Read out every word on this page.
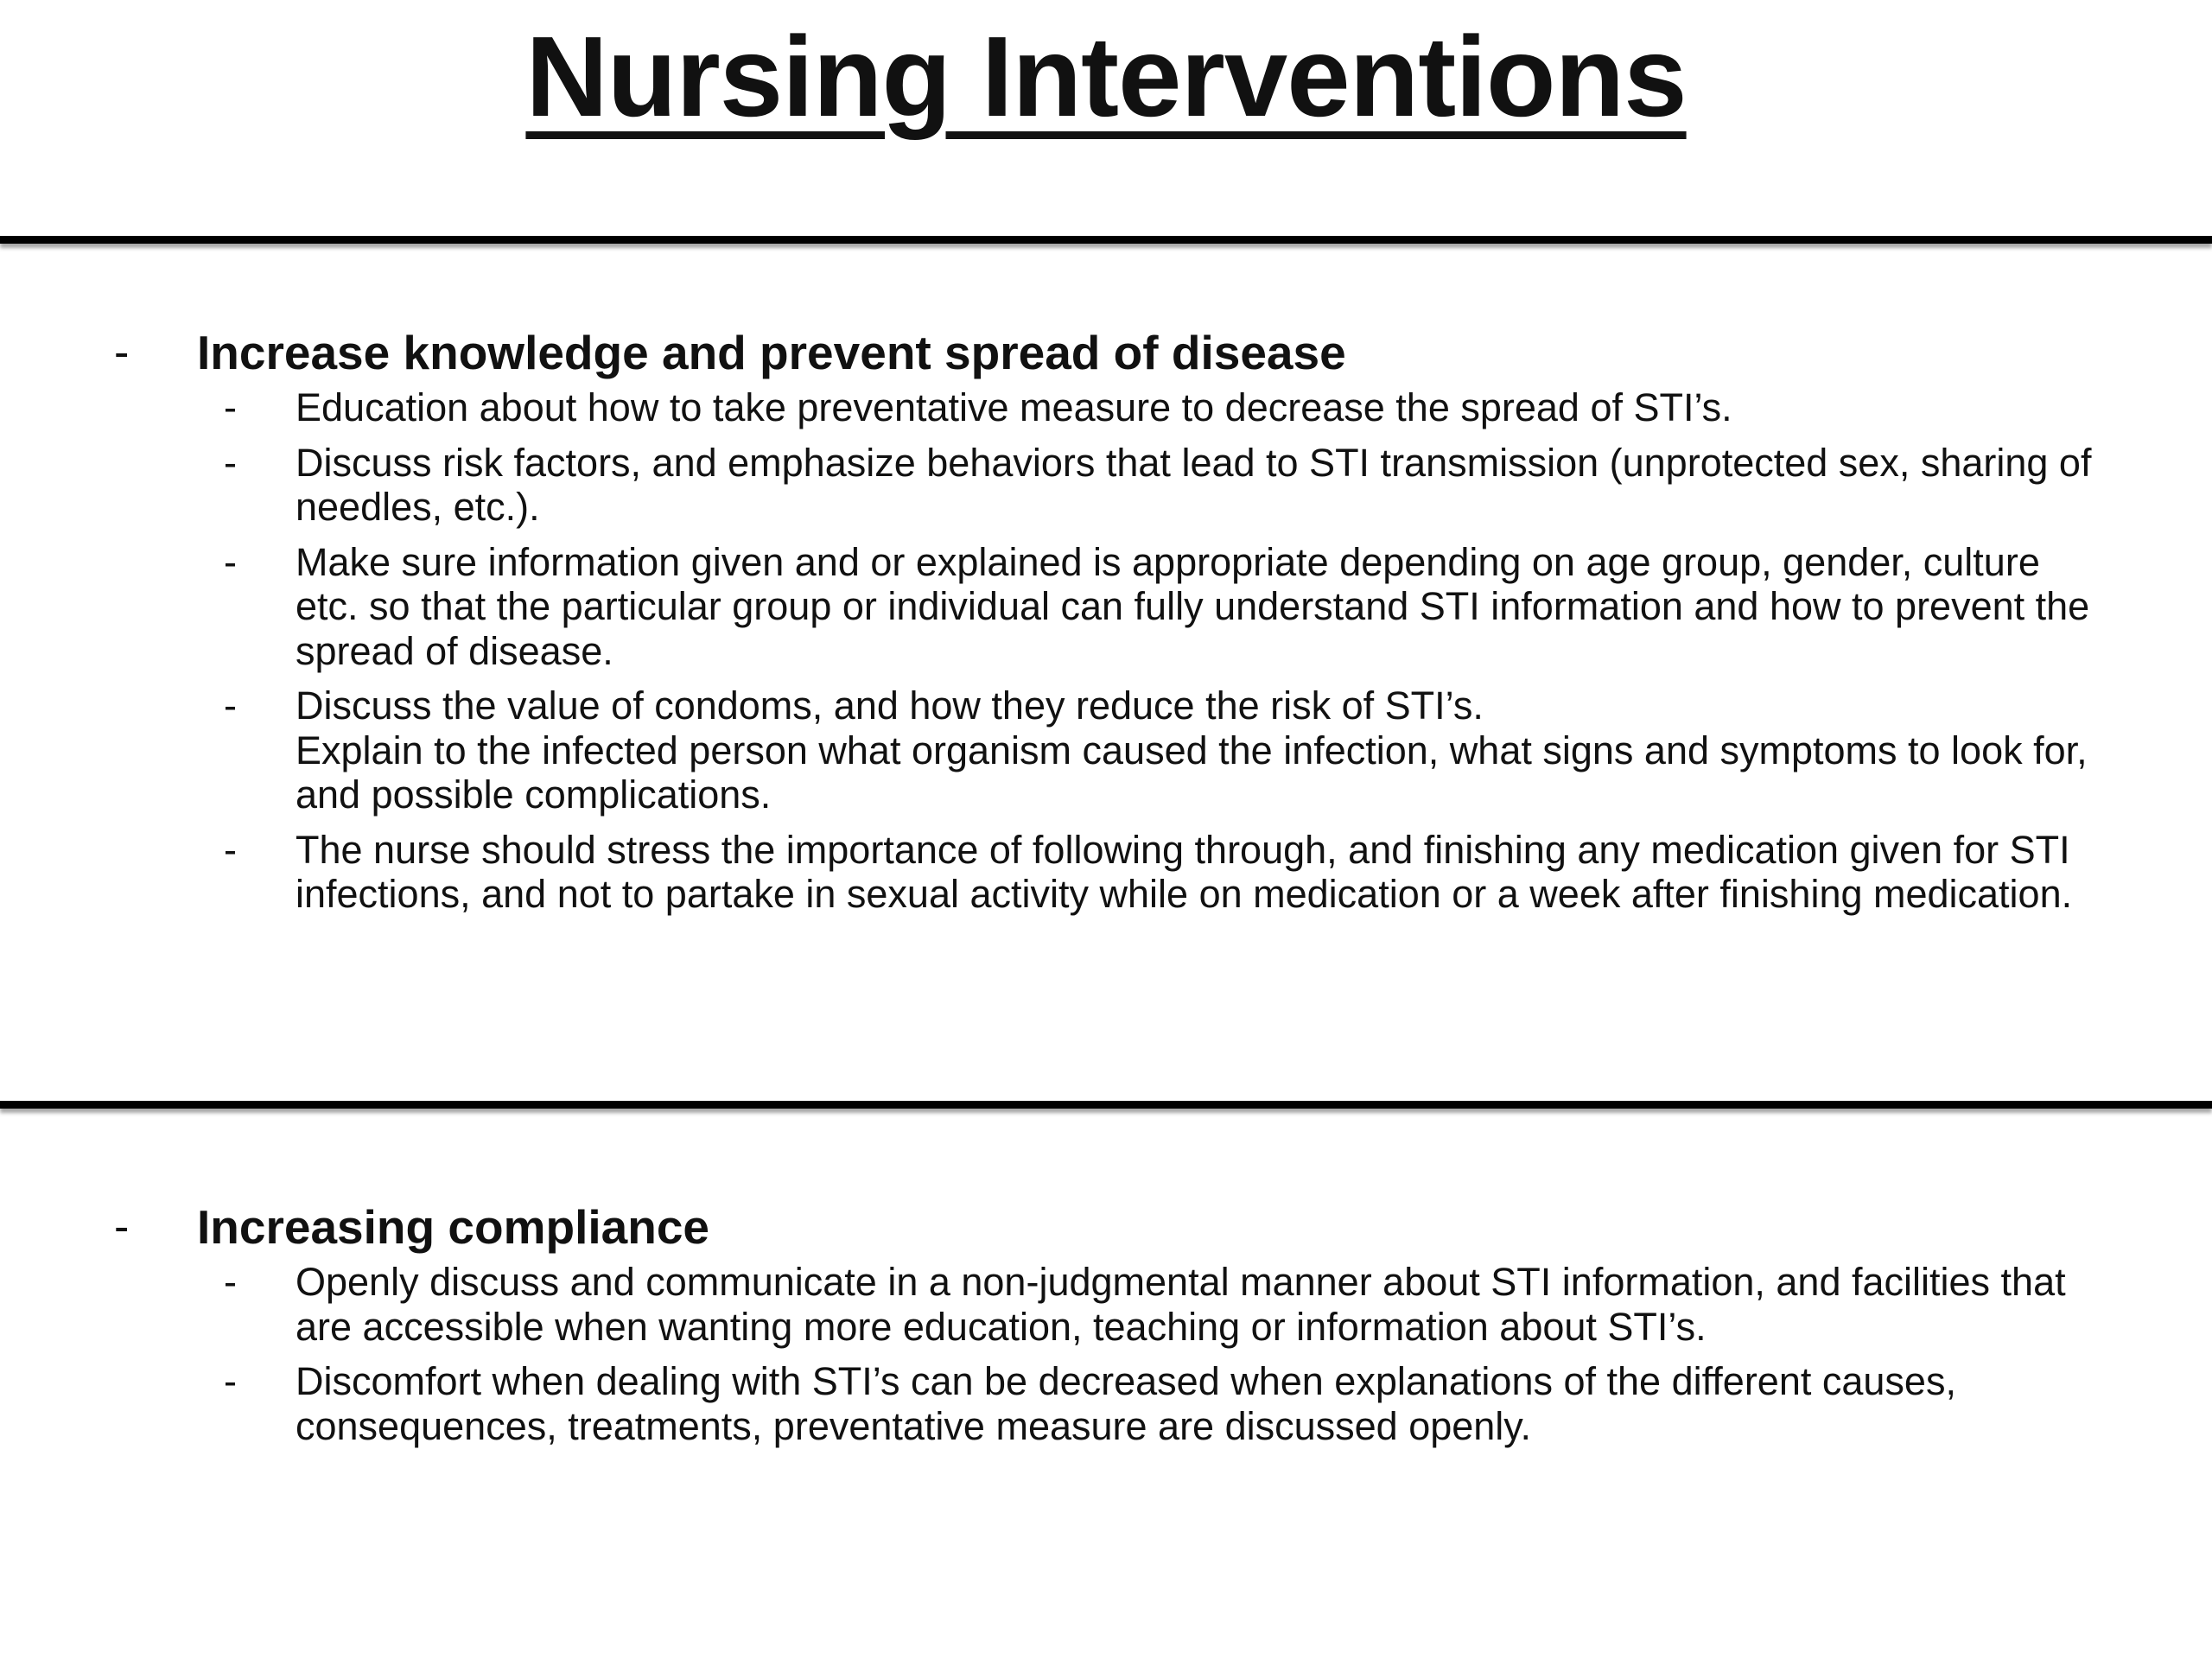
Nursing Interventions
- Increase knowledge and prevent spread of disease
- Education about how to take preventative measure to decrease the spread of STI’s.
- Discuss risk factors, and emphasize behaviors that lead to STI transmission (unprotected sex, sharing of needles, etc.).
- Make sure information given and or explained is appropriate depending on age group, gender, culture etc. so that the particular group or individual can fully understand STI information and how to prevent the spread of disease.
- Discuss the value of condoms, and how they reduce the risk of STI’s.
Explain to the infected person what organism caused the infection, what signs and symptoms to look for, and possible complications.
- The nurse should stress the importance of following through, and finishing any medication given for STI infections, and not to partake in sexual activity while on medication or a week after finishing medication.
- Increasing compliance
- Openly discuss and communicate in a non-judgmental manner about STI information, and facilities that are accessible when wanting more education, teaching or information about STI’s.
- Discomfort when dealing with STI’s can be decreased when explanations of the different causes, consequences, treatments, preventative measure are discussed openly.
